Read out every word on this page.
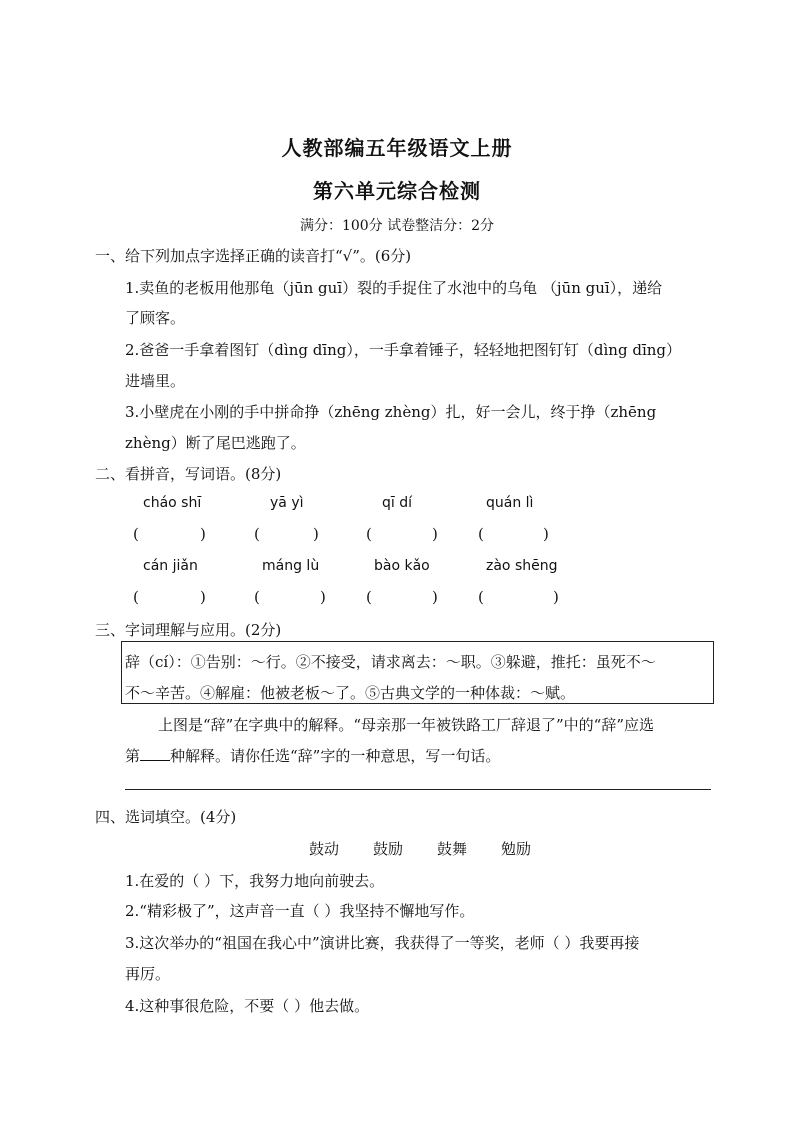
人教部编五年级语文上册
第六单元综合检测
满分：100分 试卷整洁分：2分
一、给下列加点字选择正确的读音打“√”。(6分)
1.卖鱼的老板用他那龟（jūn guī）裂的手捉住了水池中的乌龟 （jūn guī），递给
了顾客。
2.爸爸一手拿着图钉（dìng dīng），一手拿着锤子，轻轻地把图钉钉（dìng dīng）
进墙里。
3.小壁虎在小刚的手中拼命挣（zhēng zhèng）扎，好一会儿，终于挣（zhēng
zhèng）断了尾巴逃跑了。
二、看拼音，写词语。(8分)
cháo shī	yā yì	qī dí	quán lì
(	)	(	)	(	)	(	)
cán jiǎn	máng lù	bào kǎo	zào shēng
(	)	(	)	(	)	(	)
三、字词理解与应用。(2分)
辞（cí）：①告别：～行。②不接受，请求离去：～职。③躲避，推托：虽死不～
不～辛苦。④解雇：他被老板～了。⑤古典文学的一种体裁：～赋。
上图是“辞”在字典中的解释。“母亲那一年被铁路工厂辞退了”中的“辞”应选
第 种解释。请你任选“辞”字的一种意思，写一句话。
四、选词填空。(4分)
鼓动 鼓励 鼓舞 勉励
1.在爱的（ ）下，我努力地向前驶去。
2.“精彩极了”，这声音一直（ ）我坚持不懈地写作。
3.这次举办的“祖国在我心中”演讲比赛，我获得了一等奖，老师（ ）我要再接
再厉。
4.这种事很危险，不要（ ）他去做。
